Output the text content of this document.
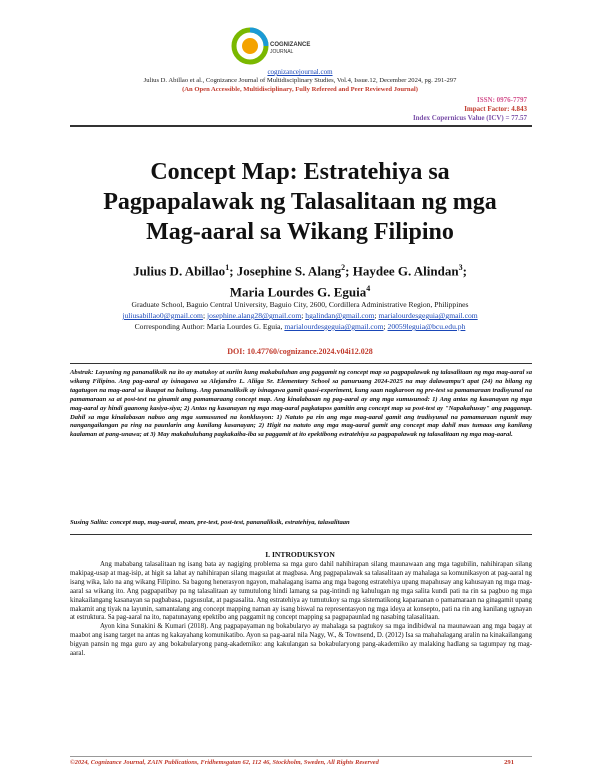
COGNIZANCE
JOURNAL
cognizancejournal.com
Julius D. Abillao et al., Cognizance Journal of Multidisciplinary Studies, Vol.4, Issue.12, December 2024, pg. 291-297
(An Open Accessible, Multidisciplinary, Fully Refereed and Peer Reviewed Journal)
ISSN: 0976-7797
Impact Factor: 4.843
Index Copernicus Value (ICV) = 77.57
Concept Map: Estratehiya sa
Pagpapalawak ng Talasalitaan ng mga
Mag-aaral sa Wikang Filipino
Julius D. Abillao$^1$; Josephine S. Alang$^2$; Haydee G. Alindan$^3$;
Maria Lourdes G. Eguia$^4$
Graduate School, Baguio Central University, Baguio City, 2600, Cordillera Administrative Region, Philippines
juliusabillao0@gmail.com; josephine.alang28@gmail.com; hgalindan@gmail.com; marialourdesgeguia@gmail.com
Corresponding Author: Maria Lourdes G. Eguia, marialourdesgeguia@gmail.com; 20059leguia@bcu.edu.ph
DOI: 10.47760/cognizance.2024.v04i12.028
Abstrak: Layuning ng pananaliksik na ito ay matukoy at suriin kung makabuluhan ang paggamit ng concept map sa pagpapalawak ng talasalitaan ng mga mag-aaral sa wikang Filipino. Ang pag-aaral ay isinagawa sa Alejandro L. Aliiga Sr. Elementary School sa panuruang 2024-2025 na may dalawampu't apat (24) na bilang ng tagatugon na mag-aaral sa ikaapat na baitang. Ang pananaliksik ay isinagawa gamit quasi-experiment, kung saan nagkaroon ng pre-test sa pamamaraan tradisyunal na pamamaraan sa at post-test na ginamit ang pamamaraang concept map. Ang kinalabasan ng pag-aaral ay ang mga sumusunod: 1) Ang antas ng kasanayan ng mga mag-aaral ay hindi gaanong kasiya-siya; 2) Antas ng kasanayan ng mga mag-aaral pagkatapos gamitin ang concept map sa post-test ay "Napakahusay" ang pagganap. Dahil sa mga kinalabasan nabuo ang mga sumusunod na konklusyon: 1) Natuto pa rin ang mga mag-aaral gamit ang tradisyunal na pamamaraan ngunit may nangangailangan pa ring na paunlarin ang kanilang kasanayan; 2) Higit na natuto ang mga mag-aaral gamit ang concept map dahil mas tumaas ang kanilang kaalaman at pang-unawa; at 3) May makabuluhang pagkakaiba-iba sa paggamit at ito epektibong estratehiya sa pagpapalawak ng talasalitaan ng mga mag-aaral.
Susing Salita: concept map, mag-aaral, mean, pre-test, post-test, pananaliksik, estratehiya, talasalitaan
I. INTRODUKSYON

Ang mababang talasalitaan ng isang bata ay nagiging problema sa mga guro dahil nahihirapan silang maunawaan ang mga tagubilin, nahihirapan silang makipag-usap at mag-isip, at higit sa lahat ay nahihirapan silang magsulat at magbasa. Ang pagpapalawak sa talasalitaan ay mahalaga sa komunikasyon at pag-aaral ng isang wika, lalo na ang wikang Filipino. Sa bagong henerasyon ngayon, mahalagang isama ang mga bagong estratehiya upang mapahusay ang kahusayan ng mga mag-aaral sa wikang ito. Ang pagpapatibay pa ng talasalitaan ay tumutulong hindi lamang sa pag-intindi ng kahulugan ng mga salita kundi pati na rin sa pagbuo ng mga kinakailangang kasanayan sa pagbabasa, pagsusulat, at pagsasalita. Ang estratehiya ay tumutukoy sa mga sistematikong kaparaanan o pamamaraan na ginagamit upang makamit ang tiyak na layunin, samantalang ang concept mapping naman ay isang biswal na representasyon ng mga ideya at konsepto, pati na rin ang kanilang ugnayan at estruktura. Sa pag-aaral na ito, napatunayang epektibo ang paggamit ng concept mapping sa pagpapaunlad ng nasabing talasalitaan.

Ayon kina Sunakini & Kumari (2018). Ang pagpapayaman ng bokabularyo ay mahalaga sa pagtukoy sa mga indibidwal na maunawaan ang mga bagay at maabot ang isang target na antas ng kakayahang komunikatibo. Ayon sa pag-aaral nila Nagy, W., & Townsend, D. (2012) Isa sa mahahalagang aralin na kinakailangang bigyan pansin ng mga guro ay ang bokabularyong pang-akademiko: ang kakulangan sa bokabularyong pang-akademiko ay malaking hadlang sa tagumpay ng mag-aaral.

©2024, Cognizance Journal, ZAIN Publications, Fridhemsgatan 62, 112 46, Stockholm, Sweden, All Rights Reserved	291
